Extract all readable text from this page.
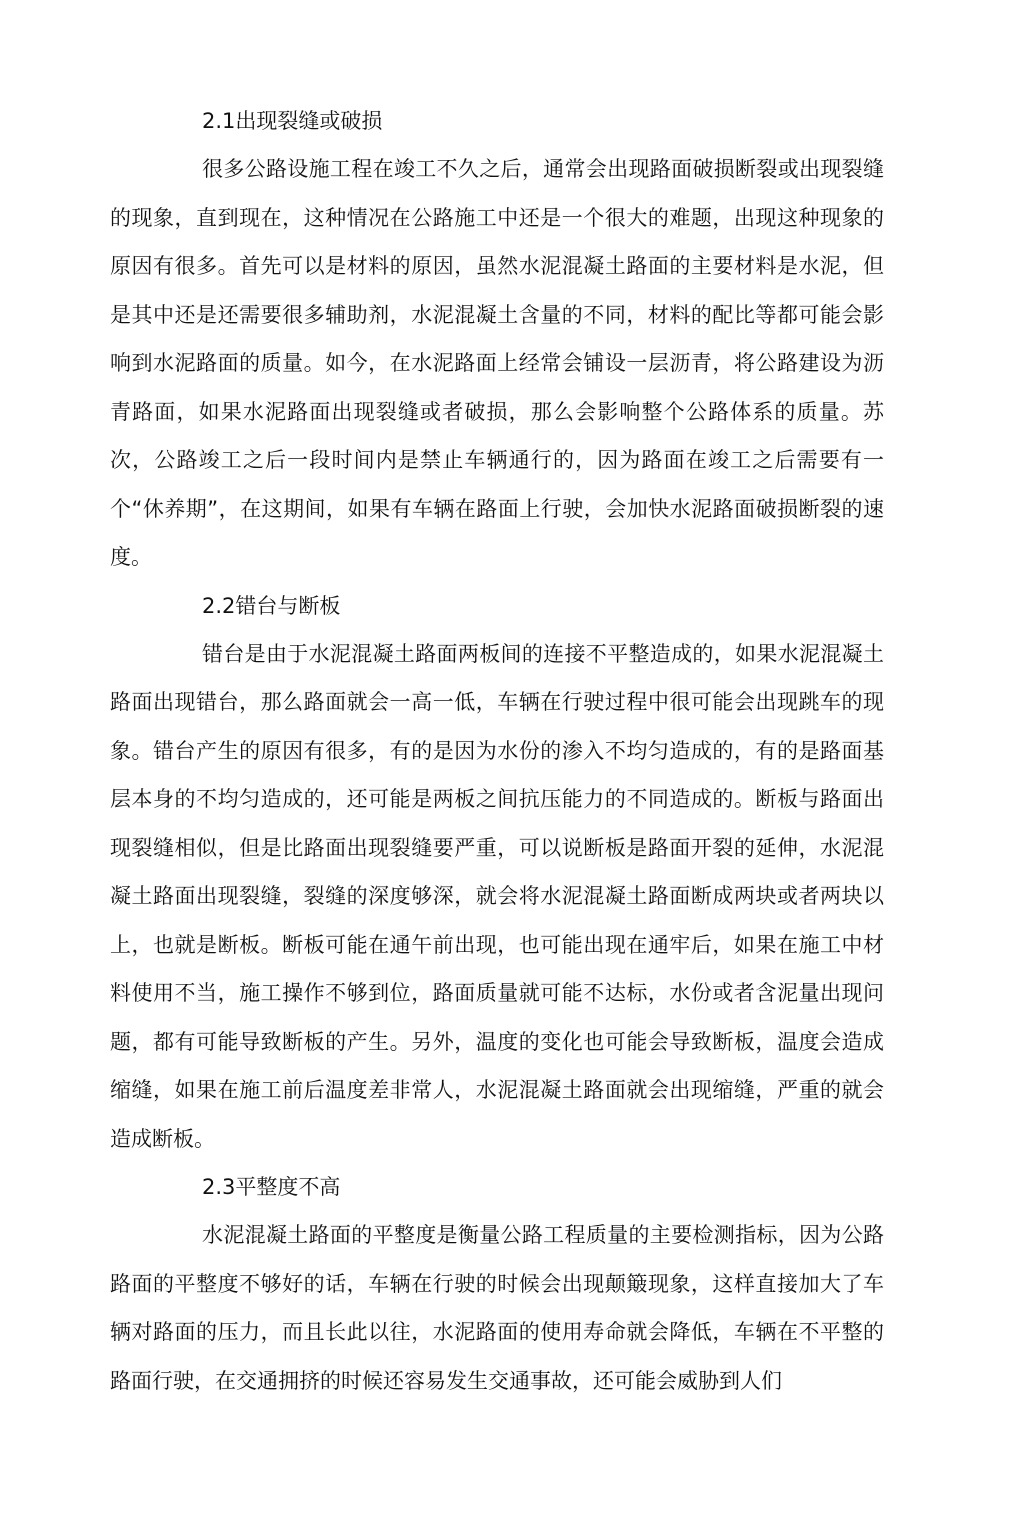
2.1出现裂缝或破损

很多公路设施工程在竣工不久之后，通常会出现路面破损断裂或出现裂缝的现象，直到现在，这种情况在公路施工中还是一个很大的难题，出现这种现象的原因有很多。首先可以是材料的原因，虽然水泥混凝土路面的主要材料是水泥，但是其中还是还需要很多辅助剂，水泥混凝土含量的不同，材料的配比等都可能会影响到水泥路面的质量。如今，在水泥路面上经常会铺设一层沥青，将公路建设为沥青路面，如果水泥路面出现裂缝或者破损，那么会影响整个公路体系的质量。苏次，公路竣工之后一段时间内是禁止车辆通行的，因为路面在竣工之后需要有一个“休养期”，在这期间，如果有车辆在路面上行驶，会加快水泥路面破损断裂的速度。

2.2错台与断板

错台是由于水泥混凝土路面两板间的连接不平整造成的，如果水泥混凝土路面出现错台，那么路面就会一高一低，车辆在行驶过程中很可能会出现跳车的现象。错台产生的原因有很多，有的是因为水份的渗入不均匀造成的，有的是路面基层本身的不均匀造成的，还可能是两板之间抗压能力的不同造成的。断板与路面出现裂缝相似，但是比路面出现裂缝要严重，可以说断板是路面开裂的延伸，水泥混凝土路面出现裂缝，裂缝的深度够深，就会将水泥混凝土路面断成两块或者两块以上，也就是断板。断板可能在通午前出现，也可能出现在通牢后，如果在施工中材料使用不当，施工操作不够到位，路面质量就可能不达标，水份或者含泥量出现问题，都有可能导致断板的产生。另外，温度的变化也可能会导致断板，温度会造成缩缝，如果在施工前后温度差非常人，水泥混凝土路面就会出现缩缝，严重的就会造成断板。

2.3平整度不高

水泥混凝土路面的平整度是衡量公路工程质量的主要检测指标，因为公路路面的平整度不够好的话，车辆在行驶的时候会出现颠簸现象，这样直接加大了车辆对路面的压力，而且长此以往，水泥路面的使用寿命就会降低，车辆在不平整的路面行驶，在交通拥挤的时候还容易发生交通事故，还可能会威胁到人们
